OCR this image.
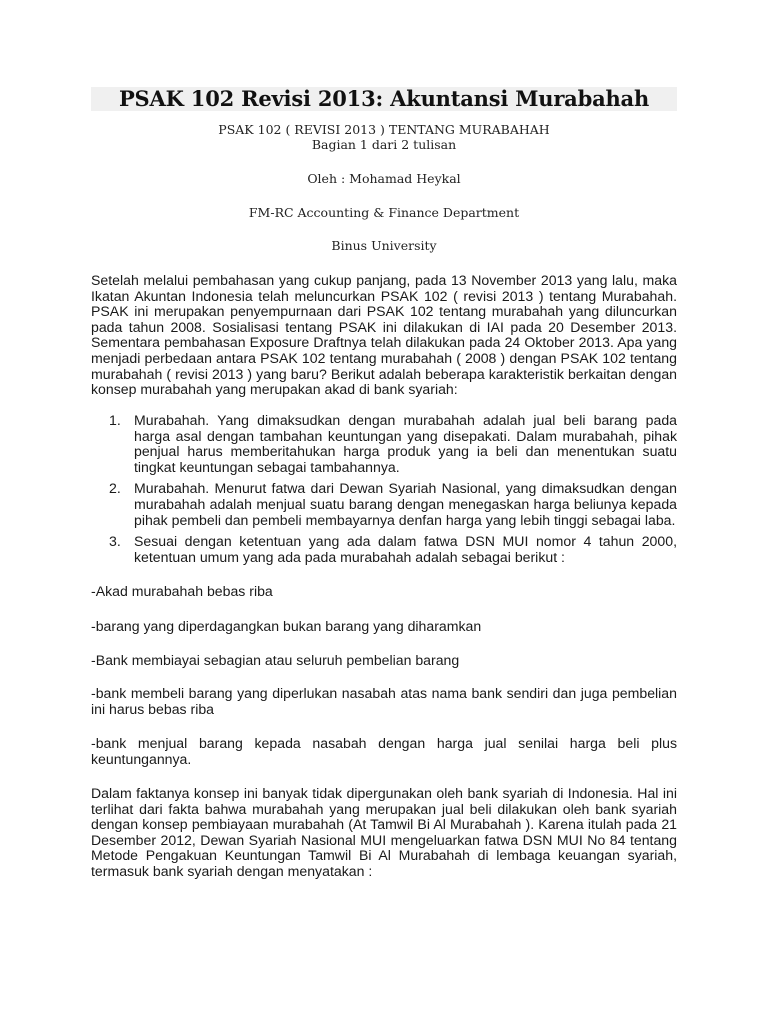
PSAK 102 Revisi 2013: Akuntansi Murabahah

PSAK 102 ( REVISI 2013 ) TENTANG MURABAHAH

Bagian 1 dari 2 tulisan

Oleh : Mohamad Heykal

FM-RC Accounting & Finance Department

Binus University

Setelah melalui pembahasan yang cukup panjang, pada 13 November 2013 yang lalu, maka Ikatan Akuntan Indonesia telah meluncurkan PSAK 102 ( revisi 2013 ) tentang Murabahah. PSAK ini merupakan penyempurnaan dari PSAK 102 tentang murabahah yang diluncurkan pada tahun 2008. Sosialisasi tentang PSAK ini dilakukan di IAI pada 20 Desember 2013. Sementara pembahasan Exposure Draftnya telah dilakukan pada 24 Oktober 2013. Apa yang menjadi perbedaan antara PSAK 102 tentang murabahah ( 2008 ) dengan PSAK 102 tentang murabahah ( revisi 2013 ) yang baru? Berikut adalah beberapa karakteristik berkaitan dengan konsep murabahah yang merupakan akad di bank syariah:

1. Murabahah. Yang dimaksudkan dengan murabahah adalah jual beli barang pada harga asal dengan tambahan keuntungan yang disepakati. Dalam murabahah, pihak penjual harus memberitahukan harga produk yang ia beli dan menentukan suatu tingkat keuntungan sebagai tambahannya.
2. Murabahah. Menurut fatwa dari Dewan Syariah Nasional, yang dimaksudkan dengan murabahah adalah menjual suatu barang dengan menegaskan harga beliunya kepada pihak pembeli dan pembeli membayarnya denfan harga yang lebih tinggi sebagai laba.
3. Sesuai dengan ketentuan yang ada dalam fatwa DSN MUI nomor 4 tahun 2000, ketentuan umum yang ada pada murabahah adalah sebagai berikut :

-Akad murabahah bebas riba

-barang yang diperdagangkan bukan barang yang diharamkan

-Bank membiayai sebagian atau seluruh pembelian barang

-bank membeli barang yang diperlukan nasabah atas nama bank sendiri dan juga pembelian ini harus bebas riba

-bank menjual barang kepada nasabah dengan harga jual senilai harga beli plus keuntungannya.

Dalam faktanya konsep ini banyak tidak dipergunakan oleh bank syariah di Indonesia. Hal ini terlihat dari fakta bahwa murabahah yang merupakan jual beli dilakukan oleh bank syariah dengan konsep pembiayaan murabahah (At Tamwil Bi Al Murabahah ). Karena itulah pada 21 Desember 2012, Dewan Syariah Nasional MUI mengeluarkan fatwa DSN MUI No 84 tentang Metode Pengakuan Keuntungan Tamwil Bi Al Murabahah di lembaga keuangan syariah, termasuk bank syariah dengan menyatakan :
